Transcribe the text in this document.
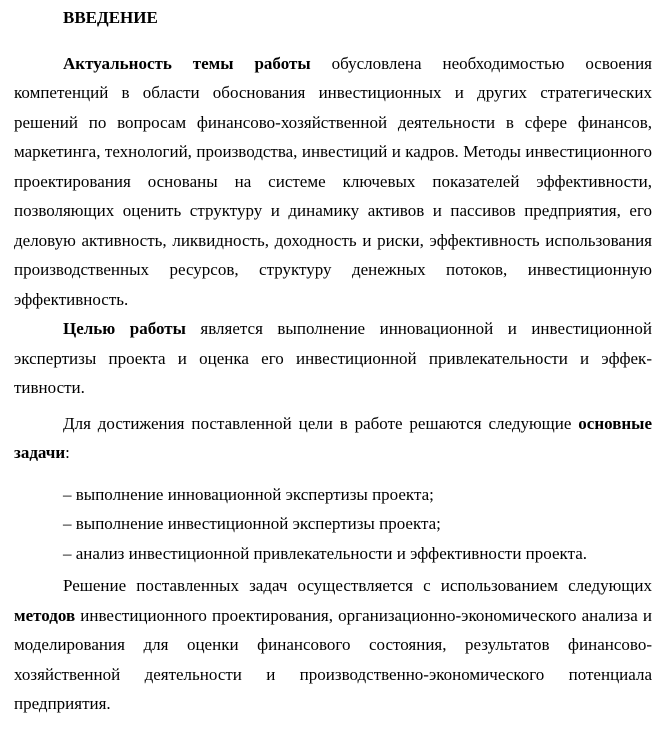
ВВЕДЕНИЕ

Актуальность темы работы обусловлена необходимостью освоения компетенций в области обоснования инвестиционных и других стратегических решений по вопросам финансово-хозяйственной деятельности в сфере финансов, маркетинга, технологий, производства, инвестиций и кадров. Методы инвестиционного проектирования основаны на системе ключевых показателей эффективности, позволяющих оценить структуру и динамику активов и пассивов предприятия, его деловую активность, ликвидность, доходность и риски, эффективность использования производственных ресурсов, структуру денежных потоков, инвестиционную эффективность.

Целью работы является выполнение инновационной и инвестиционной экспертизы проекта и оценка его инвестиционной привлекательности и эффективности.

Для достижения поставленной цели в работе решаются следующие основные задачи:

– выполнение инновационной экспертизы проекта;

– выполнение инвестиционной экспертизы проекта;

– анализ инвестиционной привлекательности и эффективности проекта.

Решение поставленных задач осуществляется с использованием следующих методов инвестиционного проектирования, организационно-экономического анализа и моделирования для оценки финансового состояния, результатов финансово-хозяйственной деятельности и производственно-экономического потенциала предприятия.
